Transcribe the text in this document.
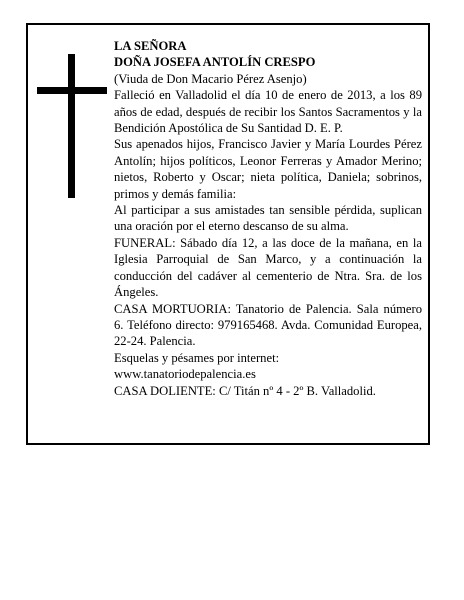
LA SEÑORA

DOÑA JOSEFA ANTOLÍN CRESPO

(Viuda de Don Macario Pérez Asenjo)

Falleció en Valladolid el día 10 de enero de 2013, a los 89 años de edad, después de recibir los Santos Sacramentos y la Bendición Apostólica de Su Santidad D. E. P.

Sus apenados hijos, Francisco Javier y María Lourdes Pérez Antolín; hijos políticos, Leonor Ferreras y Amador Merino; nietos, Roberto y Oscar; nieta política, Daniela; sobrinos, primos y demás familia:

Al participar a sus amistades tan sensible pérdida, suplican una oración por el eterno descanso de su alma.

FUNERAL: Sábado día 12, a las doce de la mañana, en la Iglesia Parroquial de San Marco, y a continuación la conducción del cadáver al cementerio de Ntra. Sra. de los Ángeles.

CASA MORTUORIA: Tanatorio de Palencia. Sala número 6. Teléfono directo: 979165468. Avda. Comunidad Europea, 22-24. Palencia.

Esquelas y pésames por internet: www.tanatoriodepalencia.es

CASA DOLIENTE: C/ Titán nº 4 - 2º B. Valladolid.
